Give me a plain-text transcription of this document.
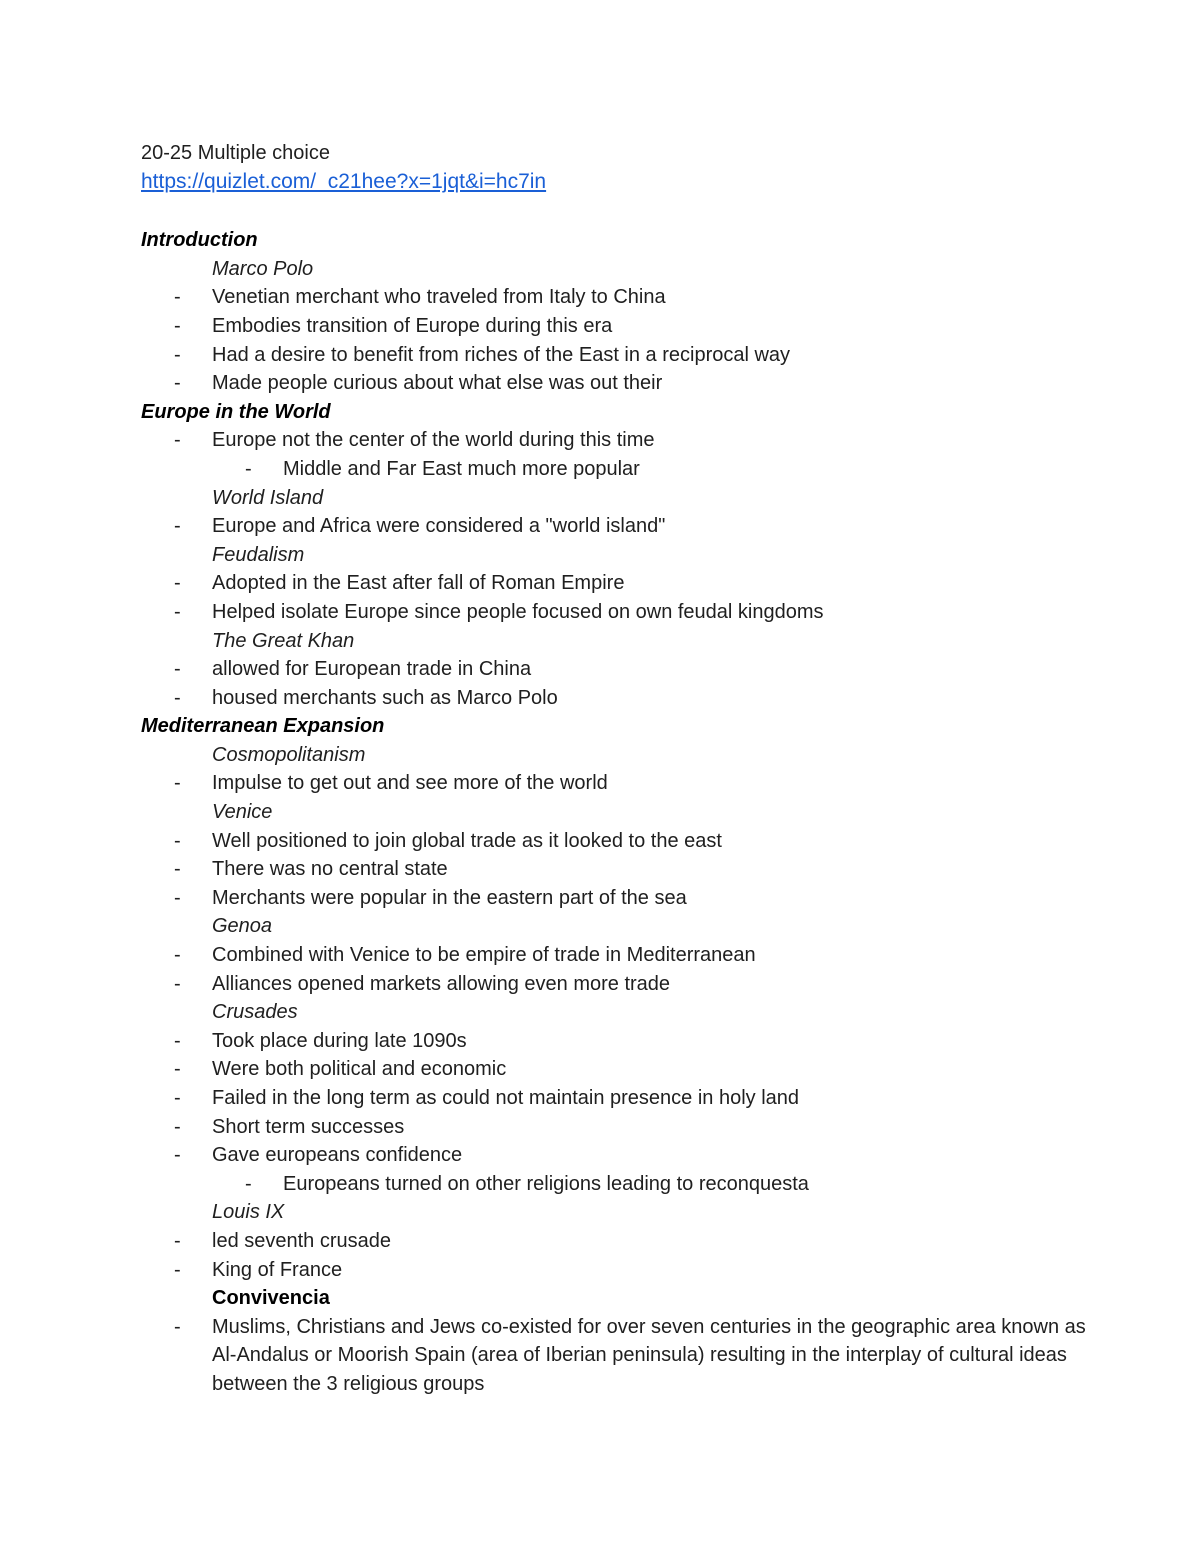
20-25 Multiple choice
https://quizlet.com/_c21hee?x=1jqt&i=hc7in
Introduction
Marco Polo
- Venetian merchant who traveled from Italy to China
- Embodies transition of Europe during this era
- Had a desire to benefit from riches of the East in a reciprocal way
- Made people curious about what else was out their
Europe in the World
- Europe not the center of the world during this time
- Middle and Far East much more popular
World Island
- Europe and Africa were considered a "world island"
Feudalism
- Adopted in the East after fall of Roman Empire
- Helped isolate Europe since people focused on own feudal kingdoms
The Great Khan
- allowed for European trade in China
- housed merchants such as Marco Polo
Mediterranean Expansion
Cosmopolitanism
- Impulse to get out and see more of the world
Venice
- Well positioned to join global trade as it looked to the east
- There was no central state
- Merchants were popular in the eastern part of the sea
Genoa
- Combined with Venice to be empire of trade in Mediterranean
- Alliances opened markets allowing even more trade
Crusades
- Took place during late 1090s
- Were both political and economic
- Failed in the long term as could not maintain presence in holy land
- Short term successes
- Gave europeans confidence
- Europeans turned on other religions leading to reconquesta
Louis IX
- led seventh crusade
- King of France
Convivencia
- Muslims, Christians and Jews co-existed for over seven centuries in the geographic area known as Al-Andalus or Moorish Spain (area of Iberian peninsula) resulting in the interplay of cultural ideas between the 3 religious groups
